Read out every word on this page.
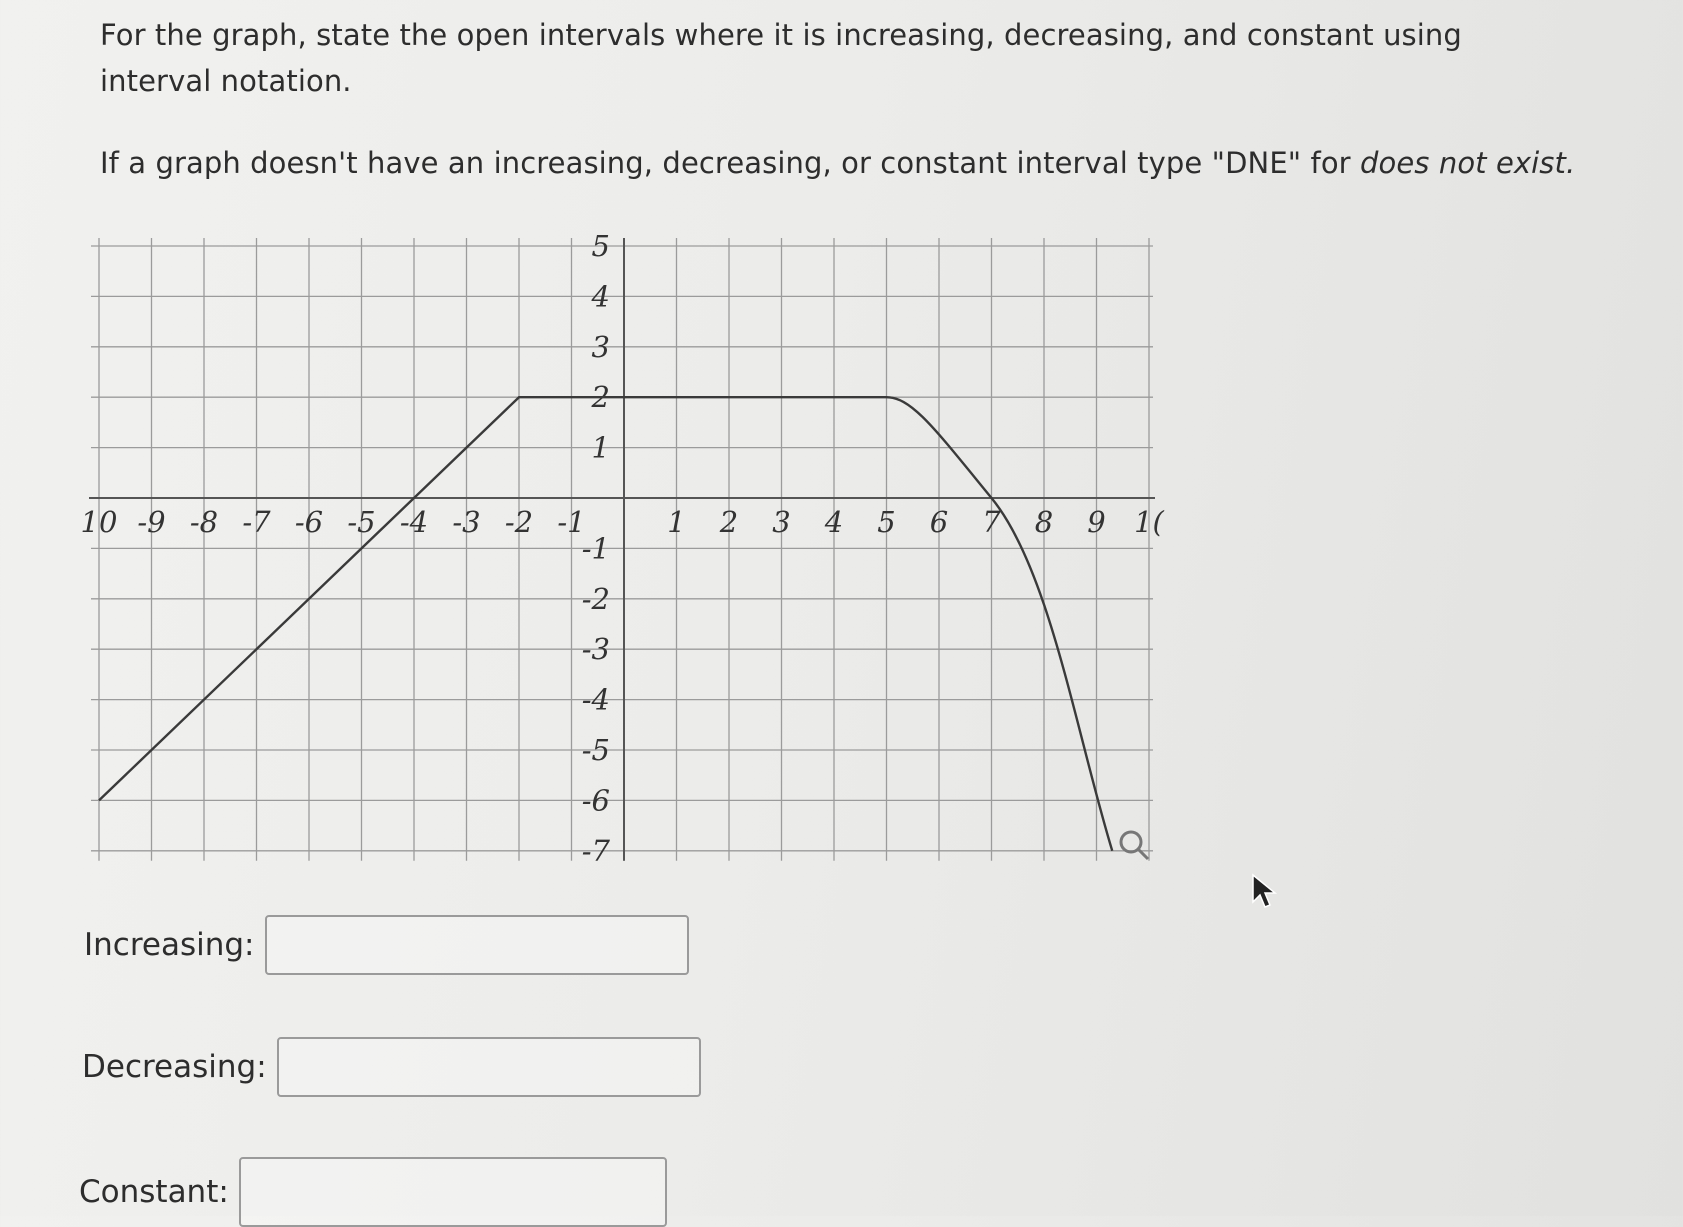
For the graph, state the open intervals where it is increasing, decreasing, and constant using interval notation.
If a graph doesn't have an increasing, decreasing, or constant interval type "DNE" for does not exist.
10 -9 -8 -7 -6 -5 -4 -3 -2 -1	1 2 3 4 5 6 7 8 9 1(
5
4
3
2
1
-1
-2
-3
-4
-5
-6
-7
Increasing:
Decreasing:
Constant:
